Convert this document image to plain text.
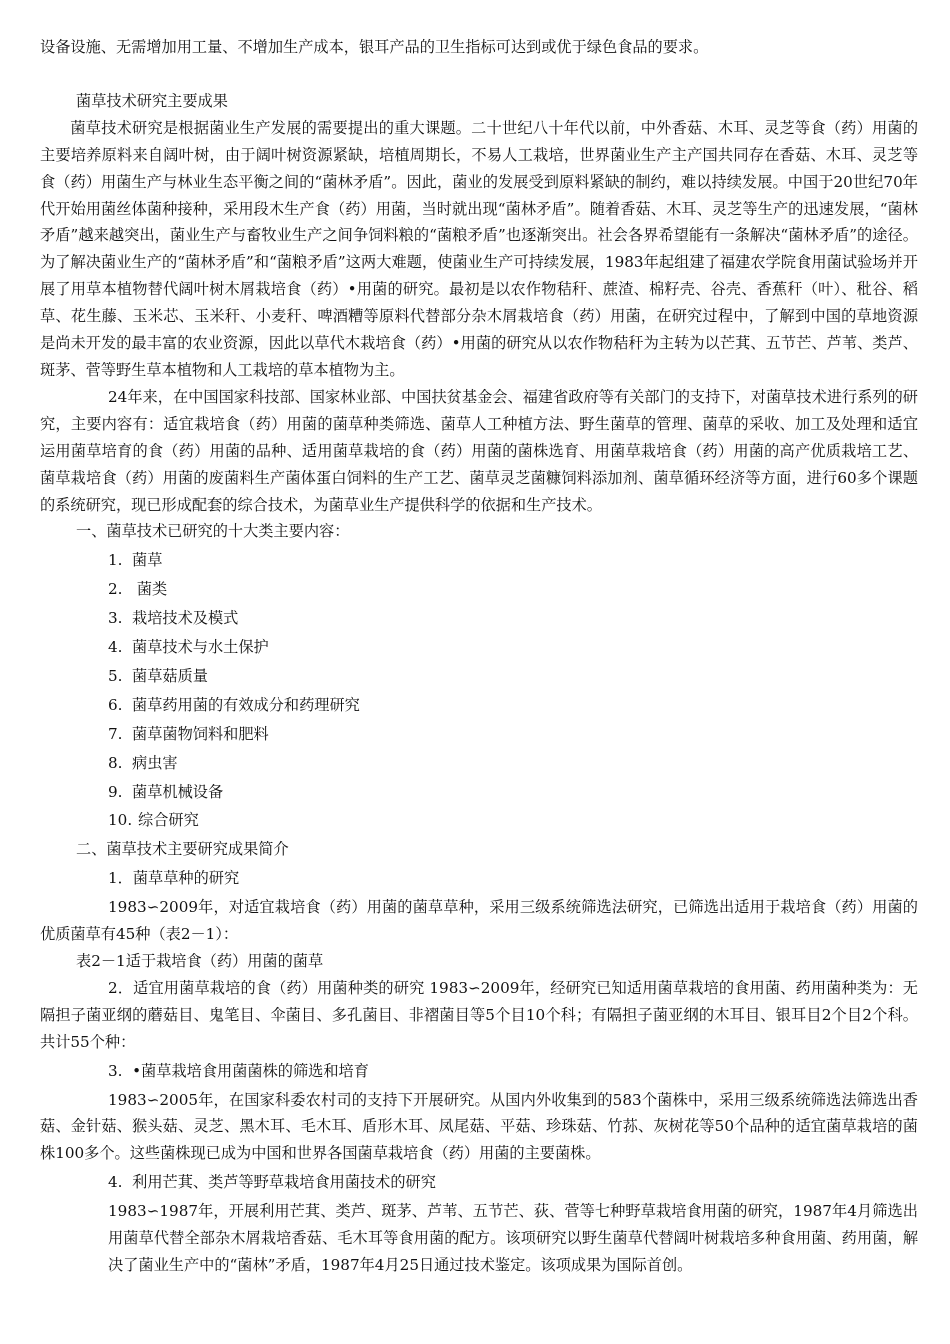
设备设施、无需增加用工量、不增加生产成本，银耳产品的卫生指标可达到或优于绿色食品的要求。

菌草技术研究主要成果

菌草技术研究是根据菌业生产发展的需要提出的重大课题。二十世纪八十年代以前，中外香菇、木耳、灵芝等食（药）用菌的主要培养原料来自阔叶树，由于阔叶树资源紧缺，培植周期长，不易人工栽培，世界菌业生产主产国共同存在香菇、木耳、灵芝等食（药）用菌生产与林业生态平衡之间的“菌林矛盾”。因此，菌业的发展受到原料紧缺的制约，难以持续发展。中国于20世纪70年代开始用菌丝体菌种接种，采用段木生产食（药）用菌，当时就出现“菌林矛盾”。随着香菇、木耳、灵芝等生产的迅速发展，“菌林矛盾”越来越突出，菌业生产与畜牧业生产之间争饲料粮的“菌粮矛盾”也逐渐突出。社会各界希望能有一条解决“菌林矛盾”的途径。为了解决菌业生产的“菌林矛盾”和“菌粮矛盾”这两大难题，使菌业生产可持续发展，1983年起组建了福建农学院食用菌试验场并开展了用草本植物替代阔叶树木屑栽培食（药）•用菌的研究。最初是以农作物秸秆、蔗渣、棉籽壳、谷壳、香蕉秆（叶）、秕谷、稻草、花生藤、玉米芯、玉米秆、小麦秆、啤酒糟等原料代替部分杂木屑栽培食（药）用菌，在研究过程中，了解到中国的草地资源是尚未开发的最丰富的农业资源，因此以草代木栽培食（药）•用菌的研究从以农作物秸秆为主转为以芒萁、五节芒、芦苇、类芦、斑茅、菅等野生草本植物和人工栽培的草本植物为主。

24年来，在中国国家科技部、国家林业部、中国扶贫基金会、福建省政府等有关部门的支持下，对菌草技术进行系列的研究，主要内容有：适宜栽培食（药）用菌的菌草种类筛选、菌草人工种植方法、野生菌草的管理、菌草的采收、加工及处理和适宜运用菌草培育的食（药）用菌的品种、适用菌草栽培的食（药）用菌的菌株选育、用菌草栽培食（药）用菌的高产优质栽培工艺、菌草栽培食（药）用菌的废菌料生产菌体蛋白饲料的生产工艺、菌草灵芝菌糠饲料添加剂、菌草循环经济等方面，进行60多个课题的系统研究，现已形成配套的综合技术，为菌草业生产提供科学的依据和生产技术。

一、菌草技术已研究的十大类主要内容：

1. 菌草
2. 菌类
3. 栽培技术及模式
4. 菌草技术与水土保护
5. 菌草菇质量
6. 菌草药用菌的有效成分和药理研究
7. 菌草菌物饲料和肥料
8. 病虫害
9. 菌草机械设备
10. 综合研究

二、菌草技术主要研究成果简介

1．菌草草种的研究

1983∽2009年，对适宜栽培食（药）用菌的菌草草种，采用三级系统筛选法研究，已筛选出适用于栽培食（药）用菌的优质菌草有45种（表2－1）：

表2－1适于栽培食（药）用菌的菌草

2．适宜用菌草栽培的食（药）用菌种类的研究 1983∽2009年，经研究已知适用菌草栽培的食用菌、药用菌种类为：无隔担子菌亚纲的蘑菇目、鬼笔目、伞菌目、多孔菌目、非褶菌目等5个目10个科；有隔担子菌亚纲的木耳目、银耳目2个目2个科。共计55个种：

3.  •菌草栽培食用菌菌株的筛选和培育

1983∽2005年，在国家科委农村司的支持下开展研究。从国内外收集到的583个菌株中，采用三级系统筛选法筛选出香菇、金针菇、猴头菇、灵芝、黑木耳、毛木耳、盾形木耳、凤尾菇、平菇、珍珠菇、竹荪、灰树花等50个品种的适宜菌草栽培的菌株100多个。这些菌株现已成为中国和世界各国菌草栽培食（药）用菌的主要菌株。

4.  利用芒萁、类芦等野草栽培食用菌技术的研究

1983∽1987年，开展利用芒萁、类芦、斑茅、芦苇、五节芒、荻、菅等七种野草栽培食用菌的研究，1987年4月筛选出用菌草代替全部杂木屑栽培香菇、毛木耳等食用菌的配方。该项研究以野生菌草代替阔叶树栽培多种食用菌、药用菌，解决了菌业生产中的“菌林”矛盾，1987年4月25日通过技术鉴定。该项成果为国际首创。
